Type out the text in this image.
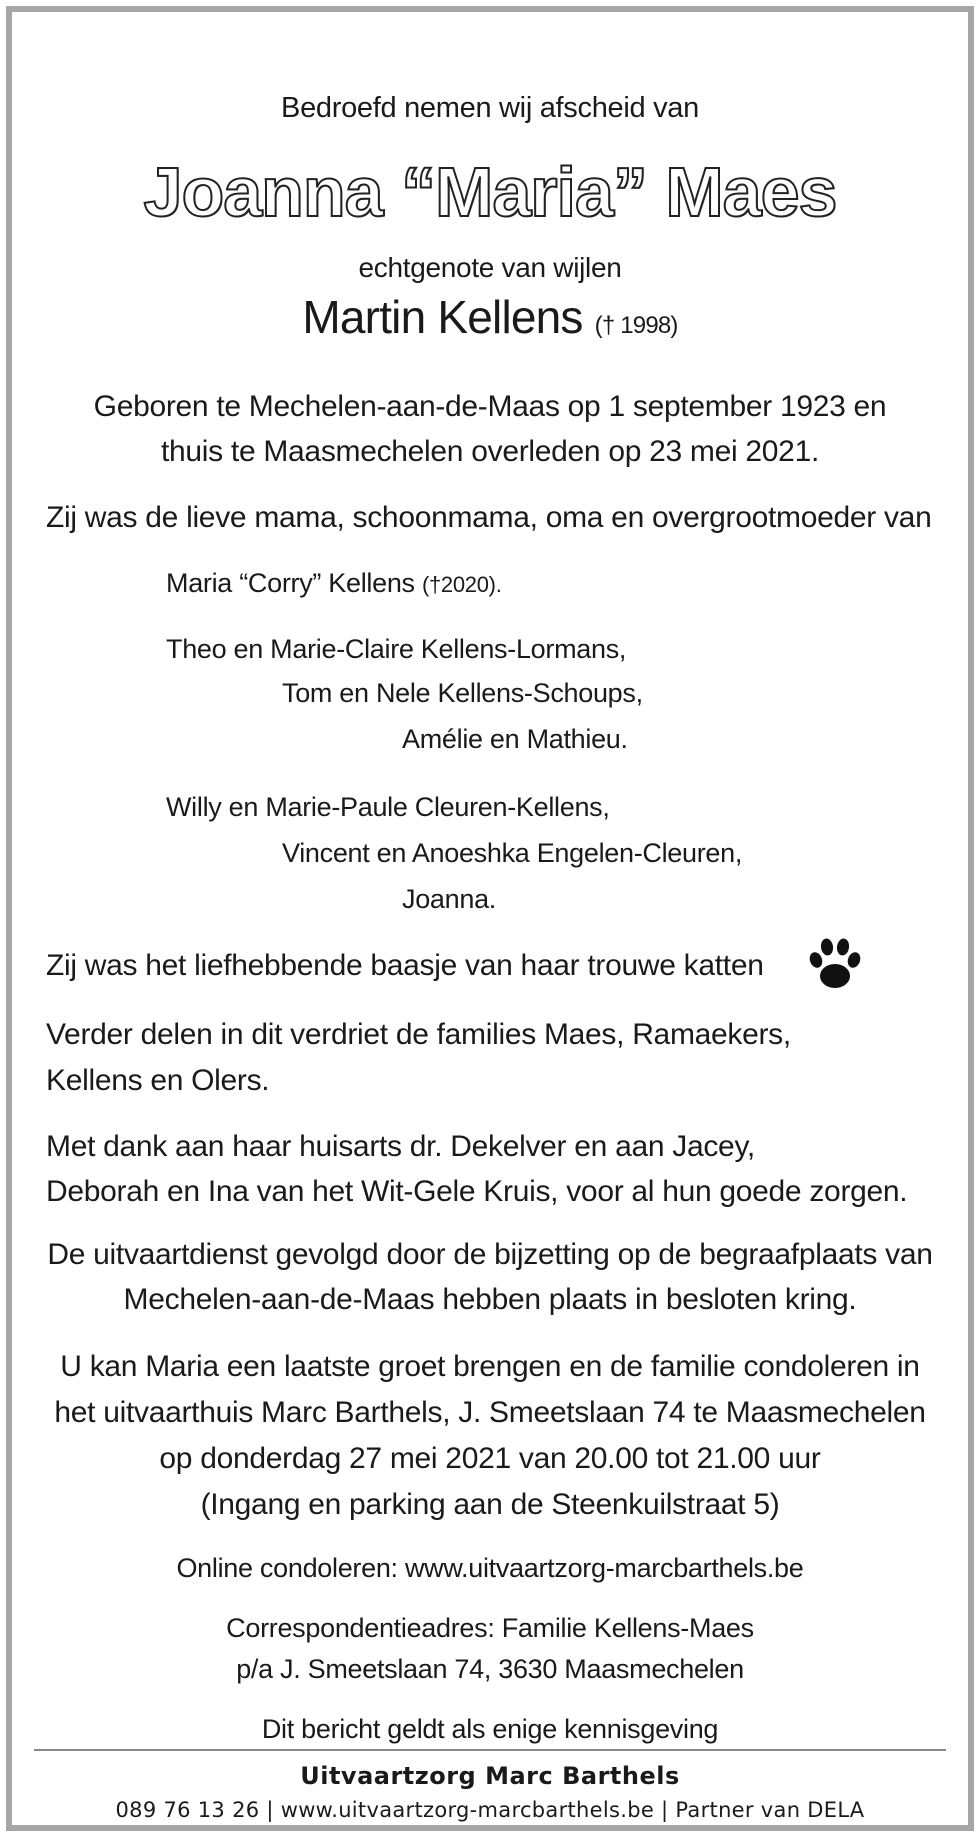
Bedroefd nemen wij afscheid van
Joanna “Maria” Maes
echtgenote van wijlen
Martin Kellens († 1998)
Geboren te Mechelen-aan-de-Maas op 1 september 1923 en
thuis te Maasmechelen overleden op 23 mei 2021.
Zij was de lieve mama, schoonmama, oma en overgrootmoeder van
Maria “Corry” Kellens (†2020).
Theo en Marie-Claire Kellens-Lormans,
Tom en Nele Kellens-Schoups,
Amélie en Mathieu.
Willy en Marie-Paule Cleuren-Kellens,
Vincent en Anoeshka Engelen-Cleuren,
Joanna.
Zij was het liefhebbende baasje van haar trouwe katten
Verder delen in dit verdriet de families Maes, Ramaekers,
Kellens en Olers.
Met dank aan haar huisarts dr. Dekelver en aan Jacey,
Deborah en Ina van het Wit-Gele Kruis, voor al hun goede zorgen.
De uitvaartdienst gevolgd door de bijzetting op de begraafplaats van
Mechelen-aan-de-Maas hebben plaats in besloten kring.
U kan Maria een laatste groet brengen en de familie condoleren in
het uitvaarthuis Marc Barthels, J. Smeetslaan 74 te Maasmechelen
op donderdag 27 mei 2021 van 20.00 tot 21.00 uur
(Ingang en parking aan de Steenkuilstraat 5)
Online condoleren: www.uitvaartzorg-marcbarthels.be
Correspondentieadres: Familie Kellens-Maes
p/a J. Smeetslaan 74, 3630 Maasmechelen
Dit bericht geldt als enige kennisgeving
Uitvaartzorg Marc Barthels
089 76 13 26 | www.uitvaartzorg-marcbarthels.be | Partner van DELA
